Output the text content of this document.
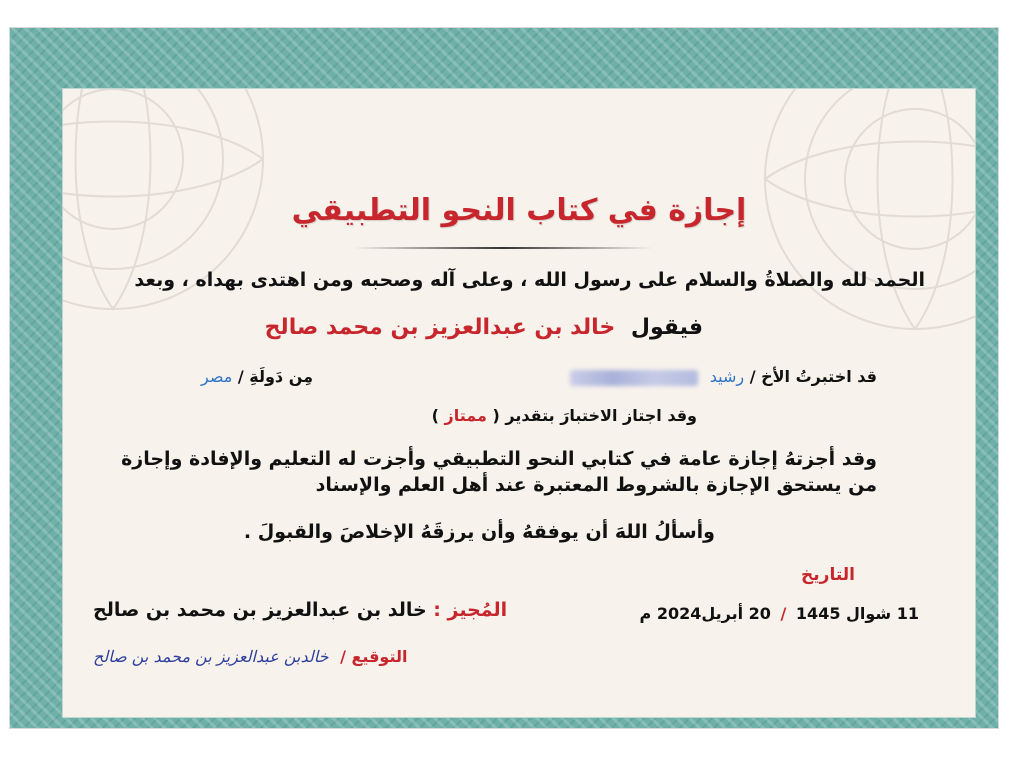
إجازة في كتاب النحو التطبيقي
الحمد لله والصلاةُ والسلام على رسول الله ، وعلى آله وصحبه ومن اهتدى بهداه ، وبعد
فيقول خالد بن عبدالعزيز بن محمد صالح
قد اختبرتُ الأخ / رشيد
مِن دَولَةِ / مصر
وقد اجتاز الاختبارَ بتقدير ( ممتاز )
وقد أجزتهُ إجازة عامة في كتابي النحو التطبيقي وأجزت له التعليم والإفادة وإجازة من يستحق الإجازة بالشروط المعتبرة عند أهل العلم والإسناد
وأسألُ اللهَ أن يوفقهُ وأن يرزقَهُ الإخلاصَ والقبولَ .
التاريخ
11 شوال 1445 / 20 أبريل2024 م
المُجيز : خالد بن عبدالعزيز بن محمد بن صالح
التوقيع / خالدبن عبدالعزيز بن محمد بن صالح
